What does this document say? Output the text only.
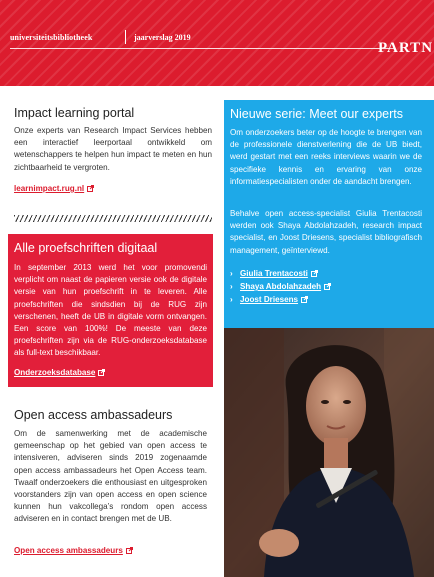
universiteitsbibliotheek	jaarverslag 2019
PARTN
Impact learning portal
Onze experts van Research Impact Services hebben een interactief leerportaal ontwikkeld om wetenschappers te helpen hun impact te meten en hun zichtbaarheid te vergroten.
learnimpact.rug.nl
Alle proefschriften digitaal
In september 2013 werd het voor promovendi verplicht om naast de papieren versie ook de digitale versie van hun proefschrift in te leveren. Alle proefschriften die sindsdien bij de RUG zijn verschenen, heeft de UB in digitale vorm ontvangen. Een score van 100%! De meeste van deze proefschriften zijn via de RUG-onderzoeksdatabase als full-text beschikbaar.
Onderzoeksdatabase
Open access ambassadeurs
Om de samenwerking met de academische gemeenschap op het gebied van open access te intensiveren, adviseren sinds 2019 zogenaamde open access ambassadeurs het Open Access team. Twaalf onderzoekers die enthousiast en uitgesproken voorstanders zijn van open access en open science kunnen hun vakcollega’s rondom open access adviseren en in contact brengen met de UB.
Open access ambassadeurs
Nieuwe serie: Meet our experts
Om onderzoekers beter op de hoogte te brengen van de professionele dienstverlening die de UB biedt, werd gestart met een reeks interviews waarin we de specifieke kennis en ervaring van onze informatiespecialisten onder de aandacht brengen.
Behalve open access-specialist Giulia Trentacosti werden ook Shaya Abdolahzadeh, research impact specialist, en Joost Driesens, specialist bibliografisch management, geïnterviewd.
› Giulia Trentacosti
› Shaya Abdolahzadeh
› Joost Driesens
